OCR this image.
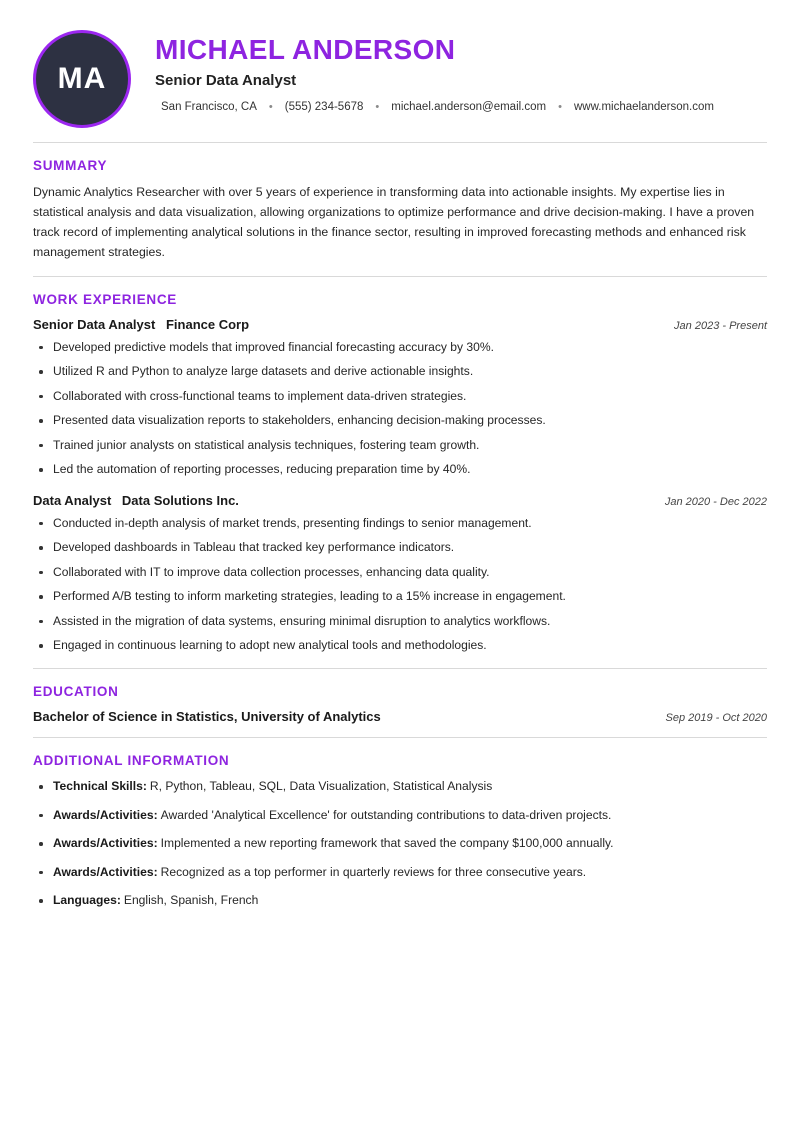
MA
MICHAEL ANDERSON
Senior Data Analyst
San Francisco, CA • (555) 234-5678 • michael.anderson@email.com • www.michaelanderson.com
SUMMARY

Dynamic Analytics Researcher with over 5 years of experience in transforming data into actionable insights. My expertise lies in statistical analysis and data visualization, allowing organizations to optimize performance and drive decision-making. I have a proven track record of implementing analytical solutions in the finance sector, resulting in improved forecasting methods and enhanced risk management strategies.

WORK EXPERIENCE
Senior Data Analyst Finance Corp	Jan 2023 - Present
Developed predictive models that improved financial forecasting accuracy by 30%.
Utilized R and Python to analyze large datasets and derive actionable insights.
Collaborated with cross-functional teams to implement data-driven strategies.
Presented data visualization reports to stakeholders, enhancing decision-making processes.
Trained junior analysts on statistical analysis techniques, fostering team growth.
Led the automation of reporting processes, reducing preparation time by 40%.
Data Analyst Data Solutions Inc.	Jan 2020 - Dec 2022
Conducted in-depth analysis of market trends, presenting findings to senior management.
Developed dashboards in Tableau that tracked key performance indicators.
Collaborated with IT to improve data collection processes, enhancing data quality.
Performed A/B testing to inform marketing strategies, leading to a 15% increase in engagement.
Assisted in the migration of data systems, ensuring minimal disruption to analytics workflows.
Engaged in continuous learning to adopt new analytical tools and methodologies.
EDUCATION
Bachelor of Science in Statistics, University of Analytics	Sep 2019 - Oct 2020
ADDITIONAL INFORMATION
Technical Skills: R, Python, Tableau, SQL, Data Visualization, Statistical Analysis
Awards/Activities: Awarded 'Analytical Excellence' for outstanding contributions to data-driven projects.
Awards/Activities: Implemented a new reporting framework that saved the company $100,000 annually.
Awards/Activities: Recognized as a top performer in quarterly reviews for three consecutive years.
Languages: English, Spanish, French
